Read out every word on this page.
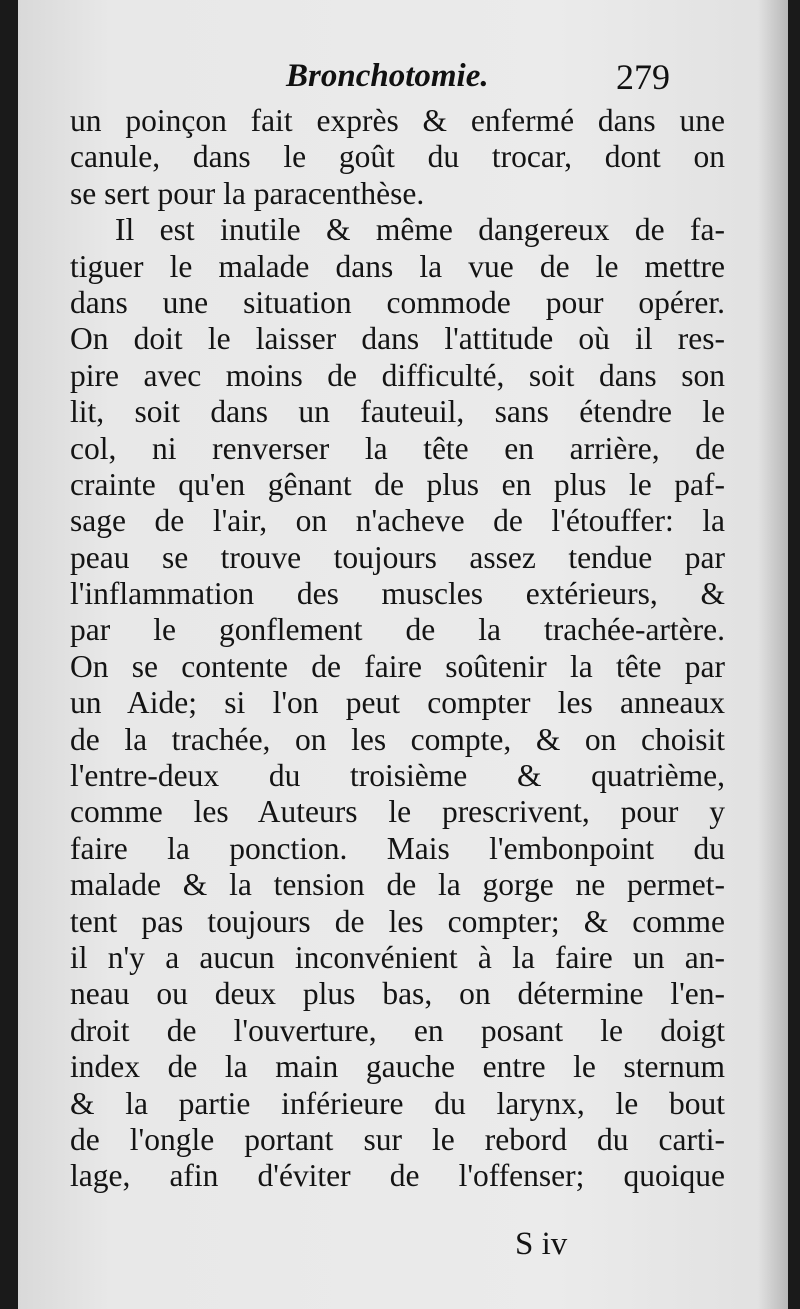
Bronchotomie.	279
un poinçon fait exprès & enfermé dans une
canule, dans le goût du trocar, dont on
se sert pour la paracenthèse.
Il est inutile & même dangereux de fa-
tiguer le malade dans la vue de le mettre
dans une situation commode pour opérer.
On doit le laisser dans l'attitude où il res-
pire avec moins de difficulté, soit dans son
lit, soit dans un fauteuil, sans étendre le
col, ni renverser la tête en arrière, de
crainte qu'en gênant de plus en plus le paf-
sage de l'air, on n'acheve de l'étouffer: la
peau se trouve toujours assez tendue par
l'inflammation des muscles extérieurs, &
par le gonflement de la trachée-artère.
On se contente de faire soûtenir la tête par
un Aide; si l'on peut compter les anneaux
de la trachée, on les compte, & on choisit
l'entre-deux du troisième & quatrième,
comme les Auteurs le prescrivent, pour y
faire la ponction. Mais l'embonpoint du
malade & la tension de la gorge ne permet-
tent pas toujours de les compter; & comme
il n'y a aucun inconvénient à la faire un an-
neau ou deux plus bas, on détermine l'en-
droit de l'ouverture, en posant le doigt
index de la main gauche entre le sternum
& la partie inférieure du larynx, le bout
de l'ongle portant sur le rebord du carti-
lage, afin d'éviter de l'offenser; quoique
S iv
